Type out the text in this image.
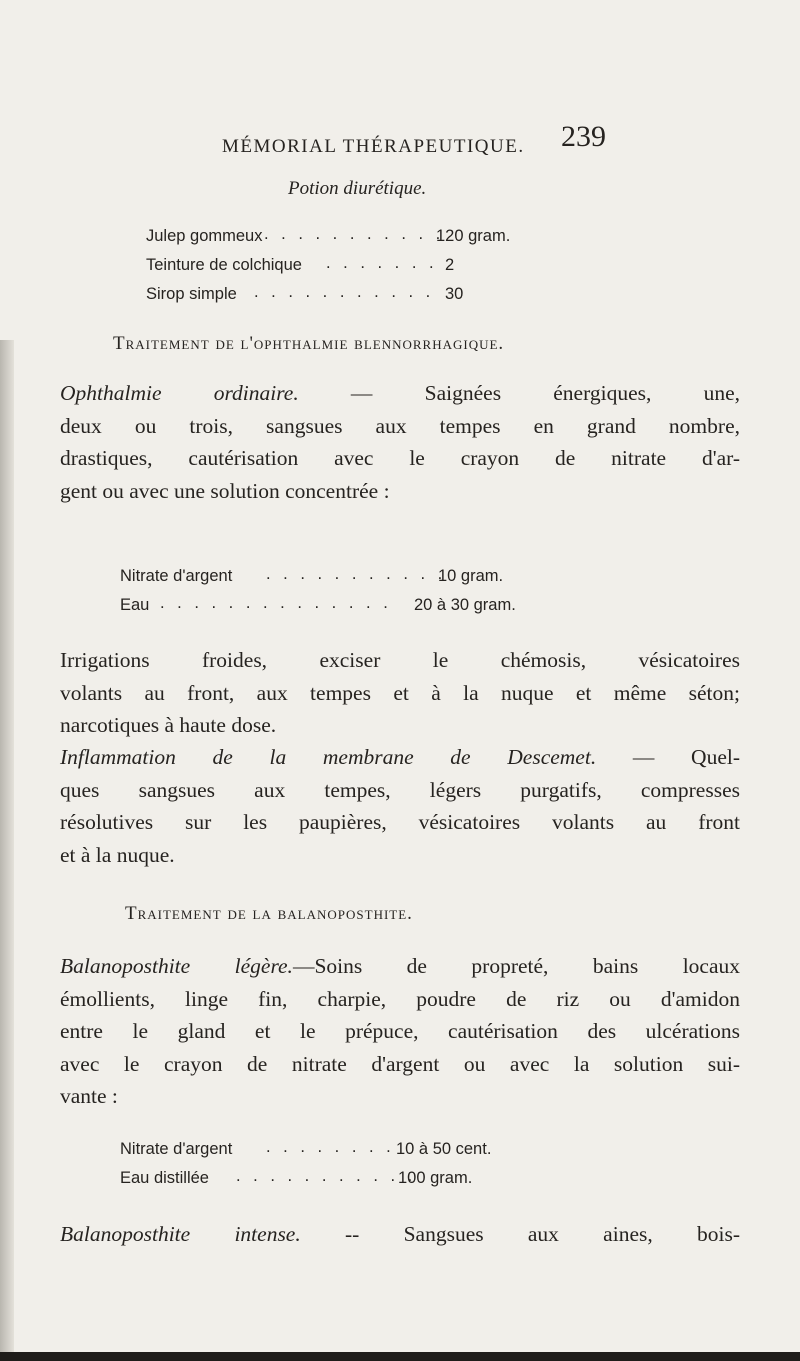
MÉMORIAL THÉRAPEUTIQUE. 239
Potion diurétique.
Julep gommeux . . . . . . . . . . .
120 gram.
Teinture de colchique . . . . . . . 2
Sirop simple . . . . . . . . . . . 30
Traitement de l'ophthalmie blennorrhagique.
Ophthalmie ordinaire. — Saignées énergiques, une,
deux ou trois, sangsues aux tempes en grand nombre,
drastiques, cautérisation avec le crayon de nitrate d'ar-
gent ou avec une solution concentrée :
Nitrate d'argent . . . . . . . . . . .
10 gram.
Eau . . . . . . . . . . . . . .	20 à 30 gram.
Irrigations froides, exciser le chémosis, vésicatoires
volants au front, aux tempes et à la nuque et même séton;
narcotiques à haute dose.
Inflammation de la membrane de Descemet. — Quel-
ques sangsues aux tempes, légers purgatifs, compresses
résolutives sur les paupières, vésicatoires volants au front
et à la nuque.
Traitement de la balanoposthite.
Balanoposthite légère.—Soins de propreté, bains locaux
émollients, linge fin, charpie, poudre de riz ou d'amidon
entre le gland et le prépuce, cautérisation des ulcérations
avec le crayon de nitrate d'argent ou avec la solution sui-
vante :
Nitrate d'argent . . . . . . . . 10 à 50 cent.
Eau distillée . . . . . . . . . . .
100 gram.
Balanoposthite intense. -- Sangsues aux aines, bois-
